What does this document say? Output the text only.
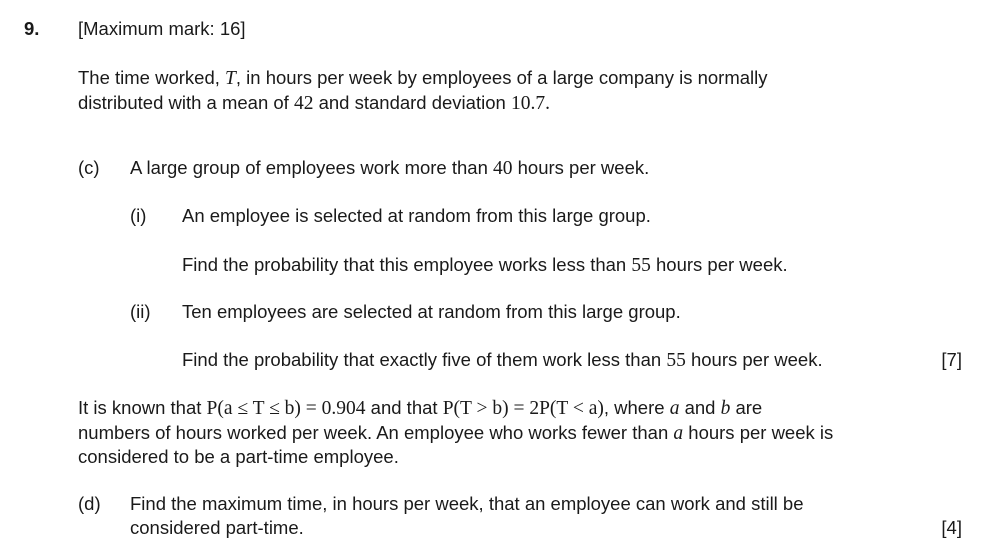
9. [Maximum mark: 16]
The time worked, T, in hours per week by employees of a large company is normally
distributed with a mean of 42 and standard deviation 10.7.
(c) A large group of employees work more than 40 hours per week.
(i) An employee is selected at random from this large group.
Find the probability that this employee works less than 55 hours per week.
(ii) Ten employees are selected at random from this large group.
Find the probability that exactly five of them work less than 55 hours per week.	[7]
It is known that P(a ≤ T ≤ b) = 0.904 and that P(T > b) = 2P(T < a), where a and b are
numbers of hours worked per week. An employee who works fewer than a hours per week is
considered to be a part-time employee.
(d) Find the maximum time, in hours per week, that an employee can work and still be
considered part-time.	[4]
